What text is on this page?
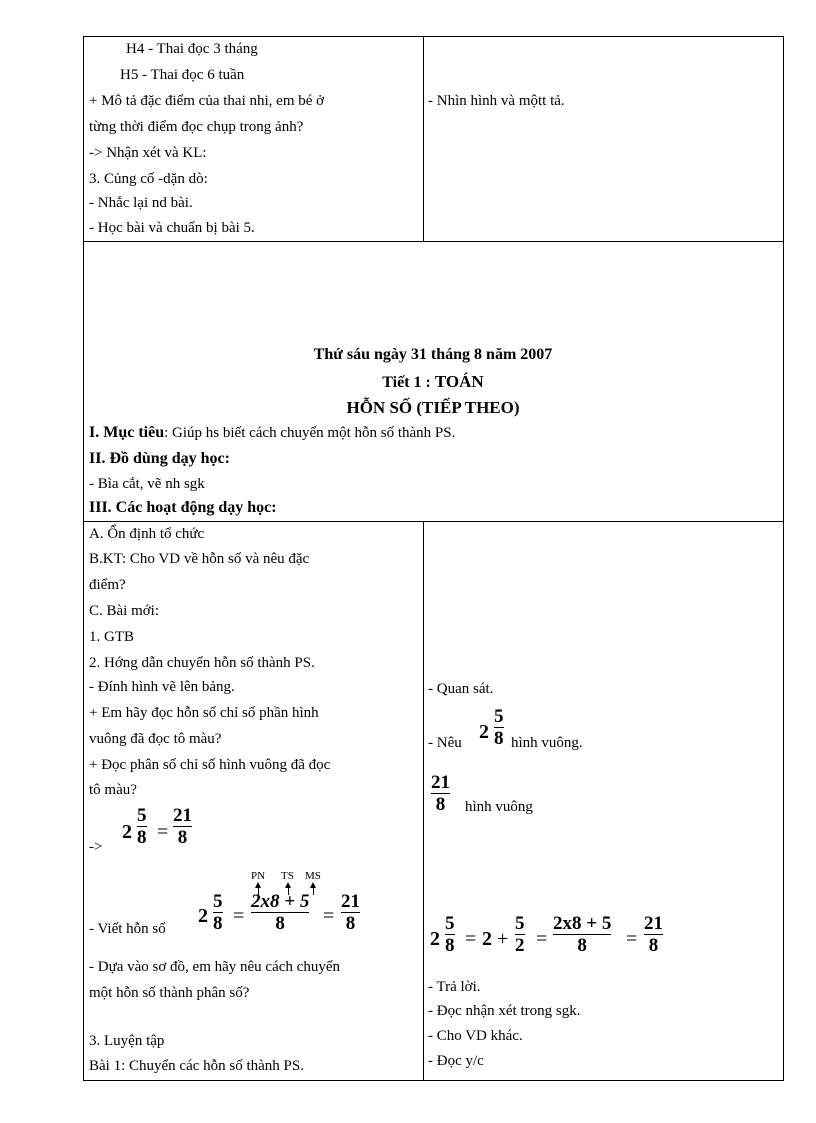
H4 - Thai đọc 3 tháng
H5 - Thai đọc 6 tuần
+ Mô tả đặc điểm của thai nhi, em bé ở
từng thời điểm đọc chụp trong ảnh?
-> Nhận xét và KL:
3. Củng cố -dặn dò:
- Nhắc lại nd bài.
- Học bài và chuẩn bị bài 5.
- Nhìn hình và mộtt tả.
Thứ sáu ngày 31 tháng 8 năm 2007
Tiết 1 : TOÁN
HỖN SỐ (TIẾP THEO)
I. Mục tiêu: Giúp hs biết cách chuyển một hỗn số thành PS.
II. Đồ dùng dạy học:
- Bìa cắt, vẽ nh sgk
III. Các hoạt động dạy học:
A. Ổn định tổ chức
B.KT: Cho VD về hỗn số và nêu đặc
điểm?
C. Bài mới:
1. GTB
2. Hớng dẫn chuyển hỗn số thành PS.
- Đính hình vẽ lên bảng.
+ Em hãy đọc hỗn số chỉ số phần hình
vuông đã đọc tô màu?
+ Đọc phân số chỉ số hình vuông đã đọc
tô màu?
->
2
5
8 =
21
8
PN TS MS
- Viết hỗn số
2
5
8 =
2x8 + 5
8 =
21
8
- Dựa vào sơ đồ, em hãy nêu cách chuyển
một hỗn số thành phân số?
3. Luyện tập
Bài 1: Chuyển các hỗn số thành PS.
- Quan sát.
- Nêu 2
5
8 hình vuông.
21
8 hình vuông
2
5
8 = 2 +
5
2 =
2x8 + 5
8 =
21
8
- Trả lời.
- Đọc nhận xét trong sgk.
- Cho VD khác.
- Đọc y/c
